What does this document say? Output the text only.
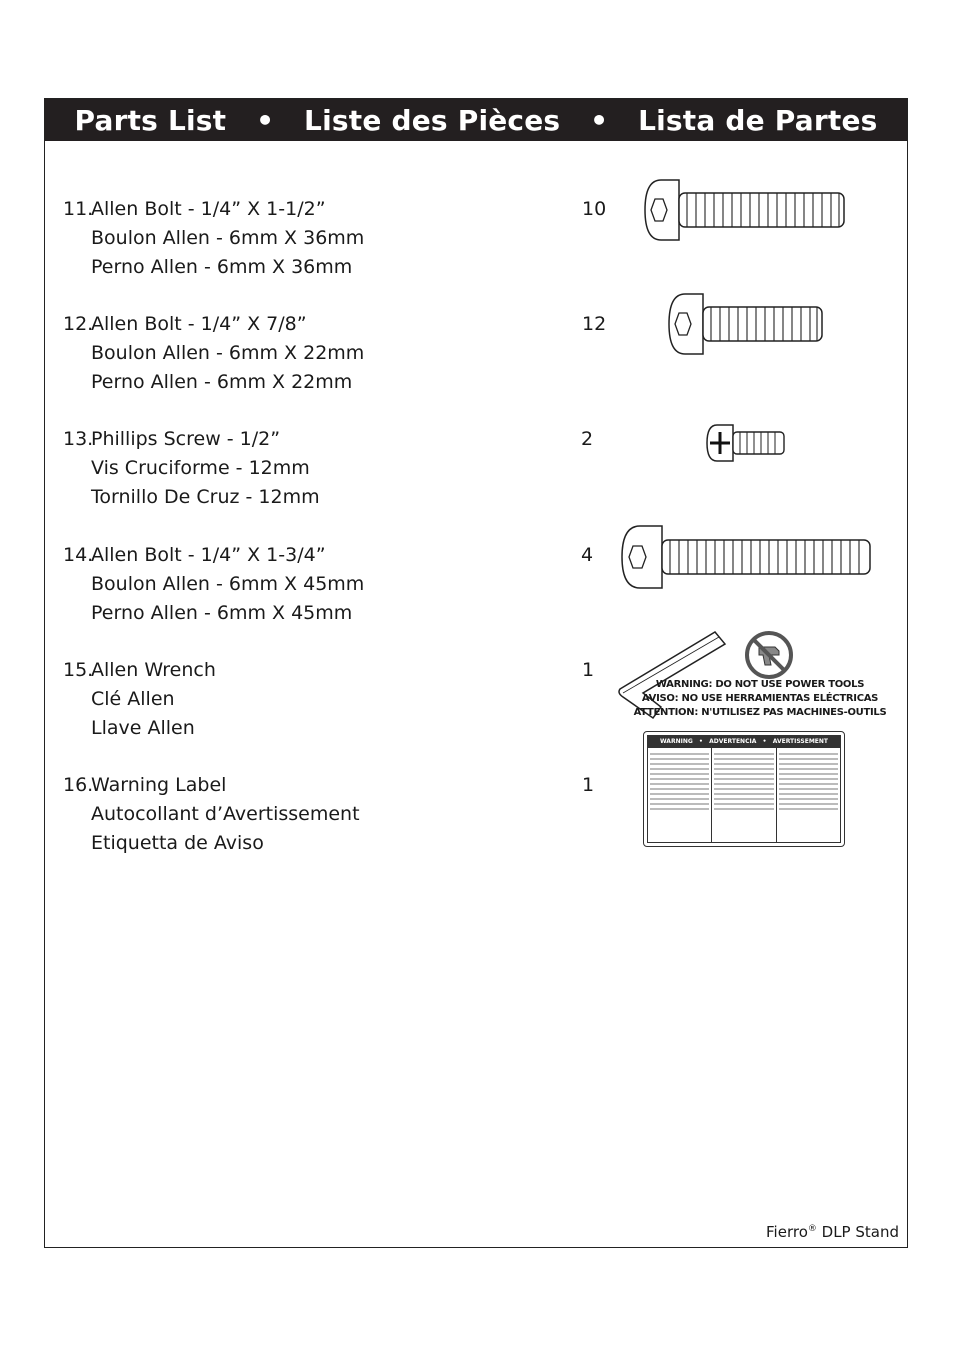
Parts List   •   Liste des Pièces   •   Lista de Partes
11.Allen Bolt - 1/4” X 1-1/2”
Boulon Allen - 6mm X 36mm
Perno Allen - 6mm X 36mm
10
12.Allen Bolt - 1/4” X 7/8”
Boulon Allen - 6mm X 22mm
Perno Allen - 6mm X 22mm
12
13.Phillips Screw - 1/2”
Vis Cruciforme - 12mm
Tornillo De Cruz - 12mm
2
14.Allen Bolt - 1/4” X 1-3/4”
Boulon Allen - 6mm X 45mm
Perno Allen - 6mm X 45mm
4
15.Allen Wrench
Clé Allen
Llave Allen
1
16.Warning Label
Autocollant d’Avertissement
Etiquetta de Aviso
1
WARNING: DO NOT USE POWER TOOLS
AVISO: NO USE HERRAMIENTAS ELÉCTRICAS
ATTENTION: N'UTILISEZ PAS MACHINES-OUTILS
WARNING   •   ADVERTENCIA   •   AVERTISSEMENT
Fierro® DLP Stand
